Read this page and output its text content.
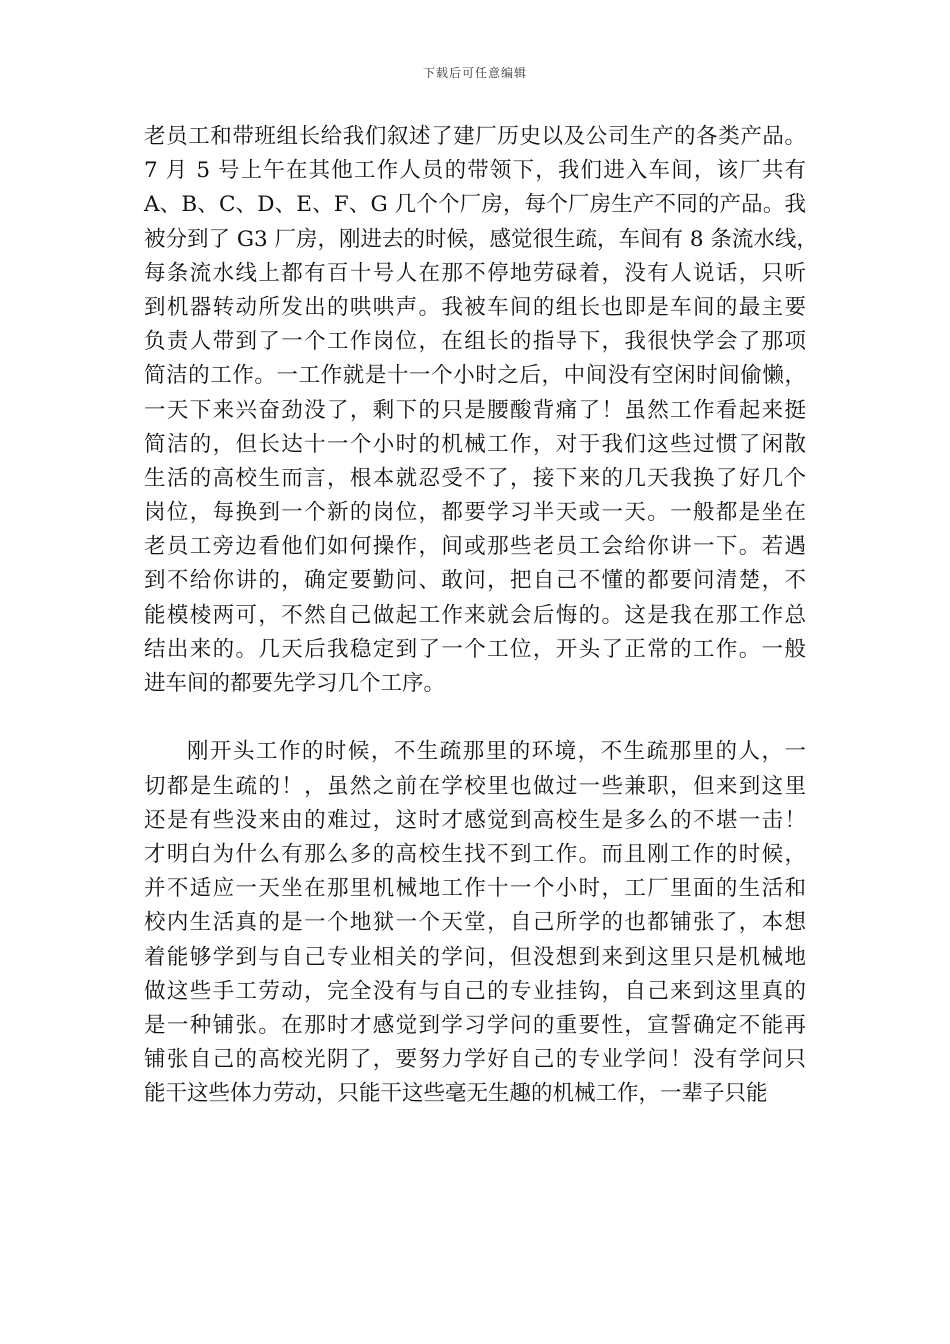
下载后可任意编辑
老员工和带班组长给我们叙述了建厂历史以及公司生产的各类产品。
7 月 5 号上午在其他工作人员的带领下，我们进入车间，该厂共有
A、B、C、D、E、F、G 几个个厂房，每个厂房生产不同的产品。我
被分到了 G3 厂房，刚进去的时候，感觉很生疏，车间有 8 条流水线，
每条流水线上都有百十号人在那不停地劳碌着，没有人说话，只听
到机器转动所发出的哄哄声。我被车间的组长也即是车间的最主要
负责人带到了一个工作岗位，在组长的指导下，我很快学会了那项
简洁的工作。一工作就是十一个小时之后，中间没有空闲时间偷懒，
一天下来兴奋劲没了，剩下的只是腰酸背痛了！虽然工作看起来挺
简洁的，但长达十一个小时的机械工作，对于我们这些过惯了闲散
生活的高校生而言，根本就忍受不了，接下来的几天我换了好几个
岗位，每换到一个新的岗位，都要学习半天或一天。一般都是坐在
老员工旁边看他们如何操作，间或那些老员工会给你讲一下。若遇
到不给你讲的，确定要勤问、敢问，把自己不懂的都要问清楚，不
能模棱两可，不然自己做起工作来就会后悔的。这是我在那工作总
结出来的。几天后我稳定到了一个工位，开头了正常的工作。一般
进车间的都要先学习几个工序。
刚开头工作的时候，不生疏那里的环境，不生疏那里的人，一
切都是生疏的！，虽然之前在学校里也做过一些兼职，但来到这里
还是有些没来由的难过，这时才感觉到高校生是多么的不堪一击！
才明白为什么有那么多的高校生找不到工作。而且刚工作的时候，
并不适应一天坐在那里机械地工作十一个小时，工厂里面的生活和
校内生活真的是一个地狱一个天堂，自己所学的也都铺张了，本想
着能够学到与自己专业相关的学问，但没想到来到这里只是机械地
做这些手工劳动，完全没有与自己的专业挂钩，自己来到这里真的
是一种铺张。在那时才感觉到学习学问的重要性，宣誓确定不能再
铺张自己的高校光阴了，要努力学好自己的专业学问！没有学问只
能干这些体力劳动，只能干这些毫无生趣的机械工作，一辈子只能
